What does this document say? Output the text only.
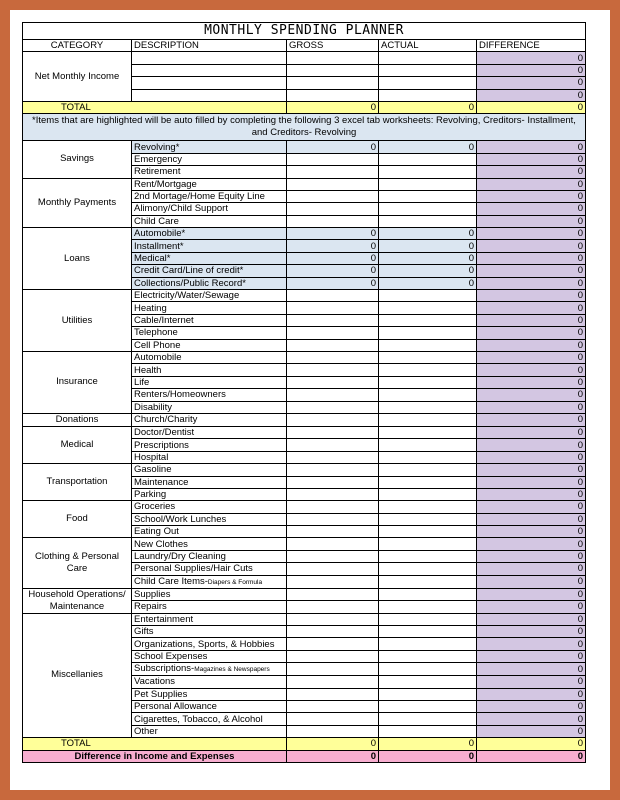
MONTHLY SPENDING PLANNER				
CATEGORY	DESCRIPTION	GROSS	ACTUAL	DIFFERENCE
Net Monthly Income				0
				0
				0
				0
TOTAL		0	0	0
*Items that are highlighted will be auto filled by completing the following 3 excel tab worksheets: Revolving, Creditors- Installment, and Creditors- Revolving				
Savings	Revolving*	0	0	0
	Emergency			0
	Retirement			0
Monthly Payments	Rent/Mortgage			0
	2nd Mortage/Home Equity Line			0
	Alimony/Child Support			0
	Child Care			0
Loans	Automobile*	0	0	0
	Installment*	0	0	0
	Medical*	0	0	0
	Credit Card/Line of credit*	0	0	0
	Collections/Public Record*	0	0	0
Utilities	Electricity/Water/Sewage			0
	Heating			0
	Cable/Internet			0
	Telephone			0
	Cell Phone			0
Insurance	Automobile			0
	Health			0
	Life			0
	Renters/Homeowners			0
	Disability			0
Donations	Church/Charity			0
Medical	Doctor/Dentist			0
	Prescriptions			0
	Hospital			0
Transportation	Gasoline			0
	Maintenance			0
	Parking			0
Food	Groceries			0
	School/Work Lunches			0
	Eating Out			0
Clothing & Personal Care	New Clothes			0
	Laundry/Dry Cleaning			0
	Personal Supplies/Hair Cuts			0
	Child Care Items-Diapers & Formula			0
Household Operations/ Maintenance	Supplies			0
	Repairs			0
Miscellanies	Entertainment			0
	Gifts			0
	Organizations, Sports, & Hobbies			0
	School Expenses			0
	Subscriptions-Magazines & Newspapers			0
	Vacations			0
	Pet Supplies			0
	Personal Allowance			0
	Cigarettes, Tobacco, & Alcohol			0
	Other			0
TOTAL		0	0	0
Difference in Income and Expenses		0	0	0
